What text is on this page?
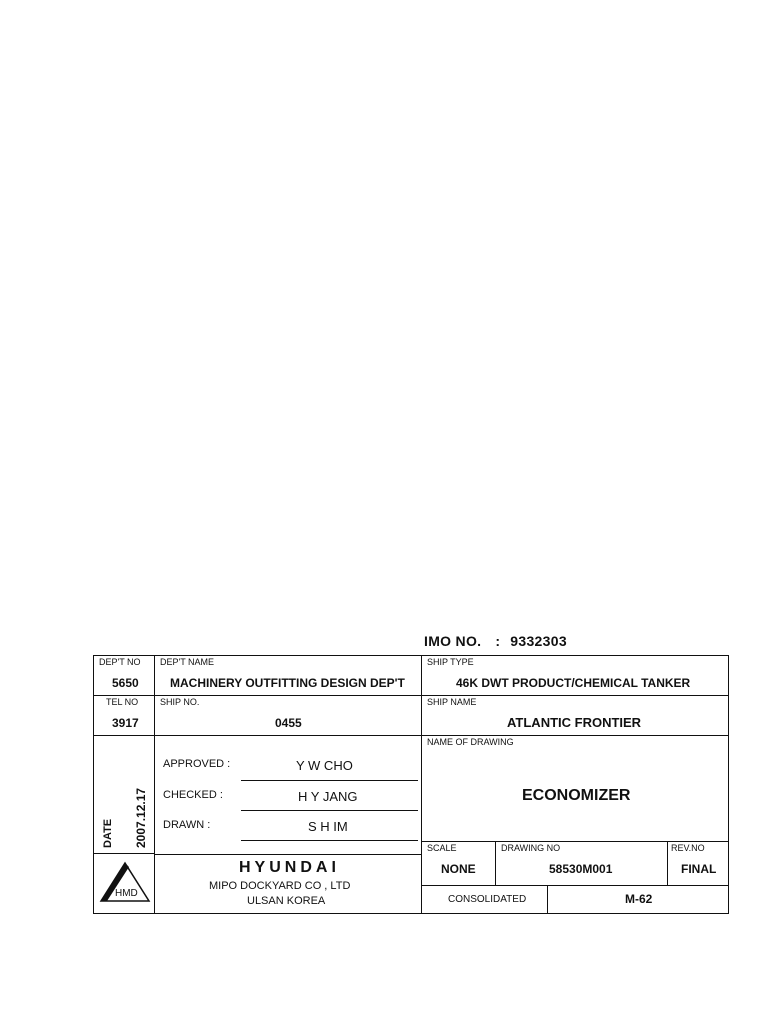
IMO NO. : 9332303
DEP'T NO
5650
DEP'T NAME
MACHINERY OUTFITTING DESIGN DEP'T
SHIP TYPE
46K DWT PRODUCT/CHEMICAL TANKER
TEL NO
3917
SHIP NO.
0455
SHIP NAME
ATLANTIC FRONTIER
DATE 2007.12.17
APPROVED :	Y W CHO
CHECKED :	H Y JANG
DRAWN :	S H IM
NAME OF DRAWING
ECONOMIZER
HMD
HYUNDAI
MIPO DOCKYARD CO , LTD
ULSAN KOREA
SCALE
NONE
DRAWING NO
58530M001
REV.NO
FINAL
CONSOLIDATED	M-62
